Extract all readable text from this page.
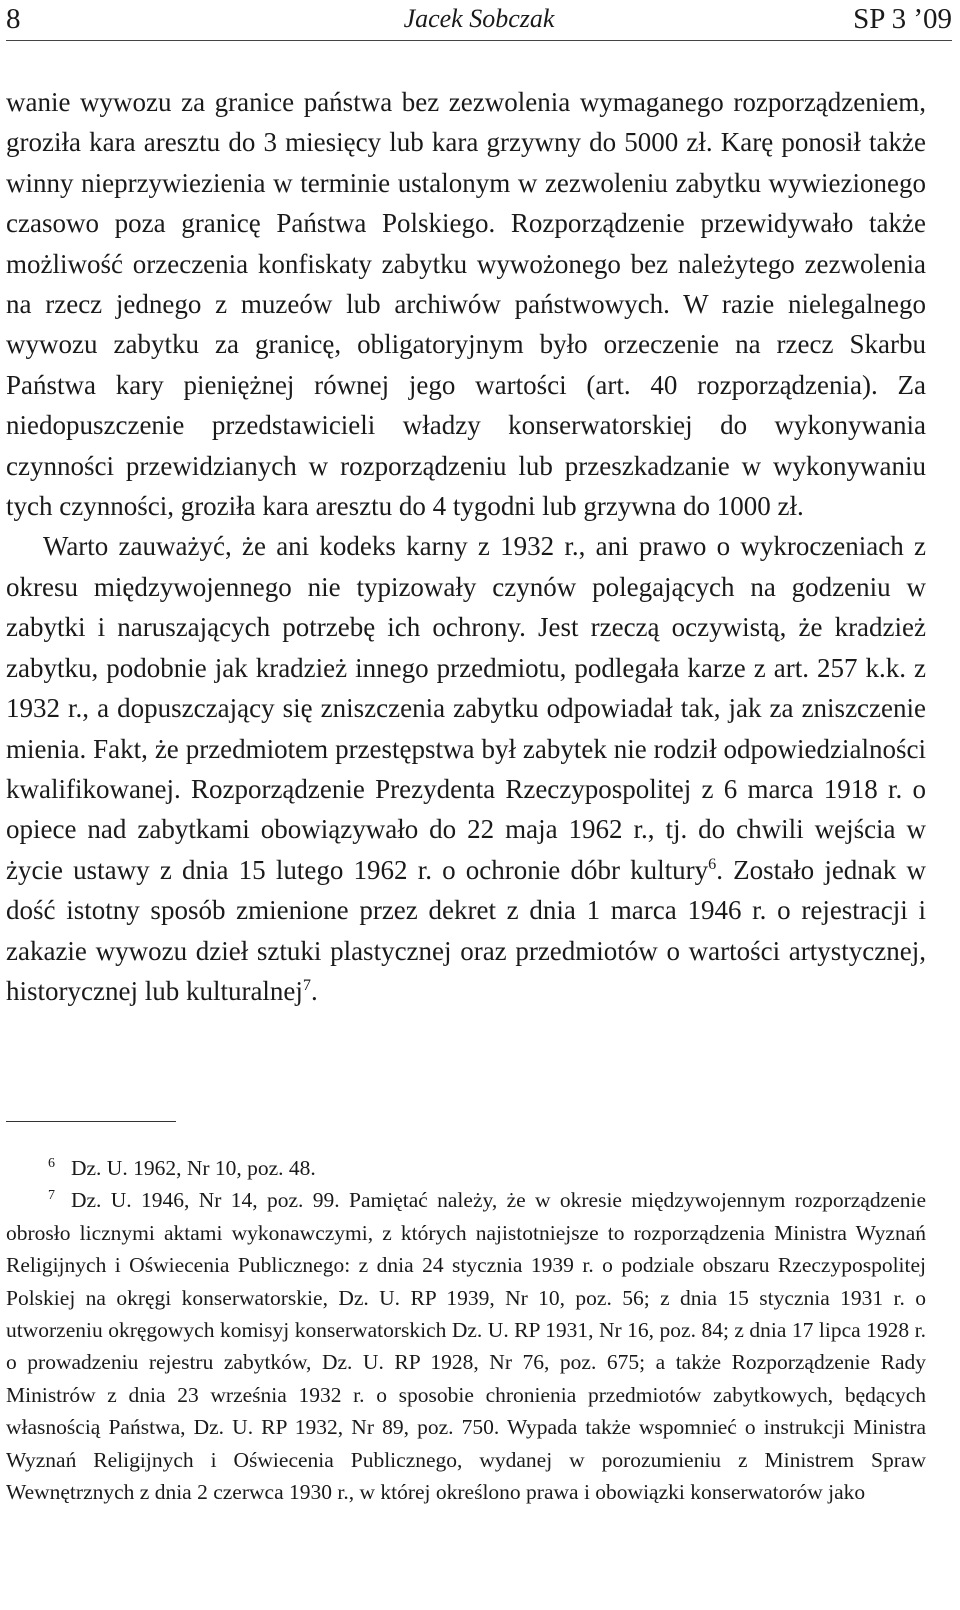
8	Jacek Sobczak	SP 3 ’09

wanie wywozu za granice państwa bez zezwolenia wymaganego rozporządzeniem, groziła kara aresztu do 3 miesięcy lub kara grzywny do 5000 zł. Karę ponosił także winny nieprzywiezienia w terminie ustalonym w zezwoleniu zabytku wywiezionego czasowo poza granicę Państwa Polskiego. Rozporządzenie przewidywało także możliwość orzeczenia konfiskaty zabytku wywożonego bez należytego zezwolenia na rzecz jednego z muzeów lub archiwów państwowych. W razie nielegalnego wywozu zabytku za granicę, obligatoryjnym było orzeczenie na rzecz Skarbu Państwa kary pieniężnej równej jego wartości (art. 40 rozporządzenia). Za niedopuszczenie przedstawicieli władzy konserwatorskiej do wykonywania czynności przewidzianych w rozporządzeniu lub przeszkadzanie w wykonywaniu tych czynności, groziła kara aresztu do 4 tygodni lub grzywna do 1000 zł.

Warto zauważyć, że ani kodeks karny z 1932 r., ani prawo o wykroczeniach z okresu międzywojennego nie typizowały czynów polegających na godzeniu w zabytki i naruszających potrzebę ich ochrony. Jest rzeczą oczywistą, że kradzież zabytku, podobnie jak kradzież innego przedmiotu, podlegała karze z art. 257 k.k. z 1932 r., a dopuszczający się zniszczenia zabytku odpowiadał tak, jak za zniszczenie mienia. Fakt, że przedmiotem przestępstwa był zabytek nie rodził odpowiedzialności kwalifikowanej. Rozporządzenie Prezydenta Rzeczypospolitej z 6 marca 1918 r. o opiece nad zabytkami obowiązywało do 22 maja 1962 r., tj. do chwili wejścia w życie ustawy z dnia 15 lutego 1962 r. o ochronie dóbr kultury$^6$. Zostało jednak w dość istotny sposób zmienione przez dekret z dnia 1 marca 1946 r. o rejestracji i zakazie wywozu dzieł sztuki plastycznej oraz przedmiotów o wartości artystycznej, historycznej lub kulturalnej$^7$.

$^6$ Dz. U. 1962, Nr 10, poz. 48.

$^7$ Dz. U. 1946, Nr 14, poz. 99. Pamiętać należy, że w okresie międzywojennym rozporządzenie obrosło licznymi aktami wykonawczymi, z których najistotniejsze to rozporządzenia Ministra Wyznań Religijnych i Oświecenia Publicznego: z dnia 24 stycznia 1939 r. o podziale obszaru Rzeczypospolitej Polskiej na okręgi konserwatorskie, Dz. U. RP 1939, Nr 10, poz. 56; z dnia 15 stycznia 1931 r. o utworzeniu okręgowych komisyj konserwatorskich Dz. U. RP 1931, Nr 16, poz. 84; z dnia 17 lipca 1928 r. o prowadzeniu rejestru zabytków, Dz. U. RP 1928, Nr 76, poz. 675; a także Rozporządzenie Rady Ministrów z dnia 23 września 1932 r. o sposobie chronienia przedmiotów zabytkowych, będących własnością Państwa, Dz. U. RP 1932, Nr 89, poz. 750. Wypada także wspomnieć o instrukcji Ministra Wyznań Religijnych i Oświecenia Publicznego, wydanej w porozumieniu z Ministrem Spraw Wewnętrznych z dnia 2 czerwca 1930 r., w której określono prawa i obowiązki konserwatorów jako
